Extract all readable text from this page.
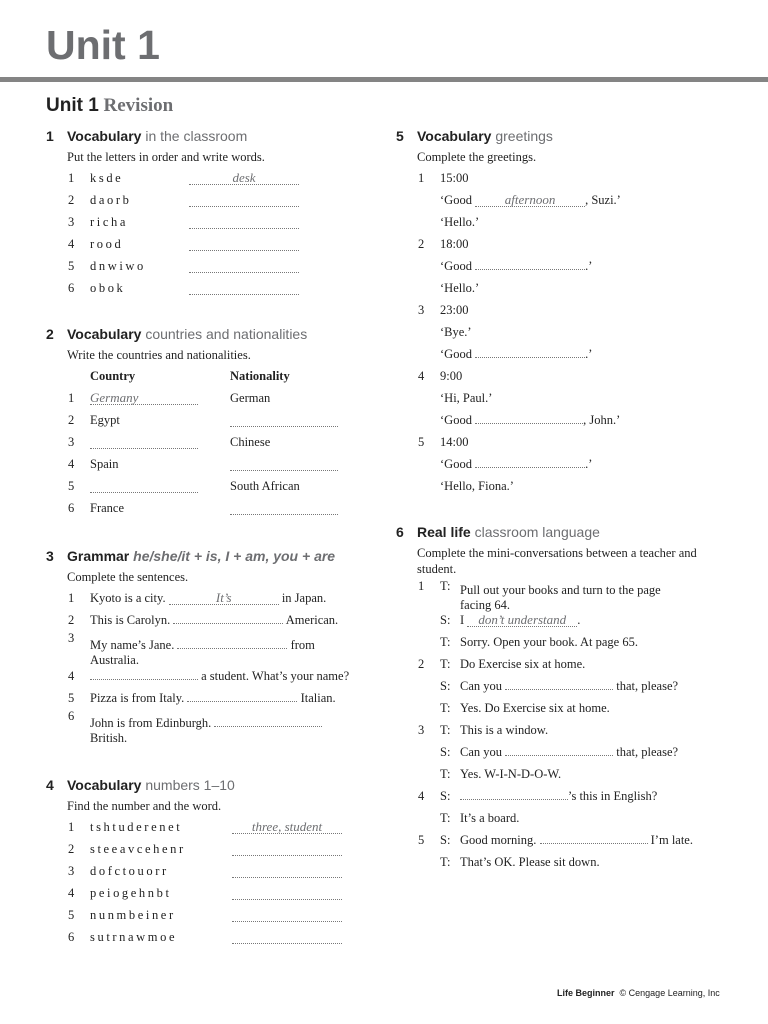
Unit 1
Unit 1 Revision
1 Vocabulary in the classroom
Put the letters in order and write words.
1 ksde	desk
2 daorb
3 richa
4 rood
5 dnwiwo
6 obok
2 Vocabulary countries and nationalities
Write the countries and nationalities.
Country	Nationality
1 Germany	German
2 Egypt
3	Chinese
4 Spain
5	South African
6 France
3 Grammar he/she/it + is, I + am, you + are
Complete the sentences.
1 Kyoto is a city.	It’s	in Japan.
2 This is Carolyn.	American.
3 My name’s Jane.	from
Australia.
4	a student. What’s your name?
5 Pizza is from Italy.	Italian.
6 John is from Edinburgh.
British.
4 Vocabulary numbers 1–10
Find the number and the word.
1 tshtuderenet	three, student
2 steeavcehenr
3 dofctouorr
4 peiogehnbt
5 nunmbeiner
6 sutrnawmoe
5 Vocabulary greetings
Complete the greetings.
1 15:00
‘Good	afternoon , Suzi.’
‘Hello.’
2 18:00
‘Good	.’
‘Hello.’
3 23:00
‘Bye.’
‘Good	.’
4 9:00
‘Hi, Paul.’
‘Good	, John.’
5 14:00
‘Good	.’
‘Hello, Fiona.’
6 Real life classroom language
Complete the mini-conversations between a teacher and student.
1 T: Pull out your books and turn to the page facing 64.
S: I don’t understand .
T: Sorry. Open your book. At page 65.
2 T: Do Exercise six at home.
S: Can you	that, please?
T: Yes. Do Exercise six at home.
3 T: This is a window.
S: Can you	that, please?
T: Yes. W-I-N-D-O-W.
4 S:	’s this in English?
T: It’s a board.
5 S: Good morning.	I’m late.
T: That’s OK. Please sit down.
Life Beginner © Cengage Learning, Inc
